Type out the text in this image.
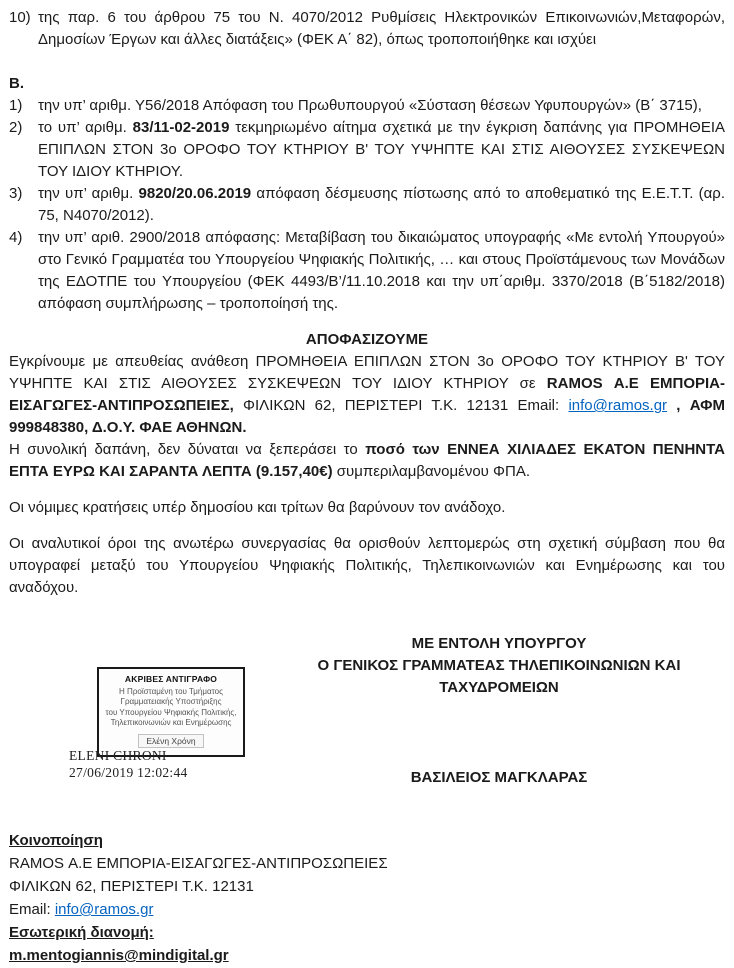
10) της παρ. 6 του άρθρου 75 του Ν. 4070/2012 Ρυθμίσεις Ηλεκτρονικών Επικοινωνιών,Μεταφορών, Δημοσίων Έργων και άλλες διατάξεις» (ΦΕΚ Α΄ 82), όπως τροποποιήθηκε και ισχύει

Β.

1) την υπ’ αριθμ. Υ56/2018 Απόφαση του Πρωθυπουργού «Σύσταση θέσεων Υφυπουργών» (Β΄ 3715),
2) το υπ’ αριθμ. 83/11-02-2019 τεκμηριωμένο αίτημα σχετικά με την έγκριση δαπάνης για ΠΡΟΜΗΘΕΙΑ ΕΠΙΠΛΩΝ ΣΤΟΝ 3ο ΟΡΟΦΟ ΤΟΥ ΚΤΗΡΙΟΥ Β' ΤΟΥ ΥΨΗΠΤΕ ΚΑΙ ΣΤΙΣ ΑΙΘΟΥΣΕΣ ΣΥΣΚΕΨΕΩΝ ΤΟΥ ΙΔΙΟΥ ΚΤΗΡΙΟΥ.
3) την υπ’ αριθμ. 9820/20.06.2019 απόφαση δέσμευσης πίστωσης από το αποθεματικό της Ε.Ε.Τ.Τ. (αρ. 75, Ν4070/2012).
4) την υπ’ αριθ. 2900/2018 απόφασης: Μεταβίβαση του δικαιώματος υπογραφής «Με εντολή Υπουργού» στο Γενικό Γραμματέα του Υπουργείου Ψηφιακής Πολιτικής, … και στους Προϊστάμενους των Μονάδων της ΕΔΟΤΠΕ του Υπουργείου (ΦΕΚ 4493/Β’/11.10.2018 και την υπ΄αριθμ. 3370/2018 (Β΄5182/2018) απόφαση συμπλήρωσης – τροποποίησή της.

ΑΠΟΦΑΣΙΖΟΥΜΕ

Εγκρίνουμε με απευθείας ανάθεση ΠΡΟΜΗΘΕΙΑ ΕΠΙΠΛΩΝ ΣΤΟΝ 3ο ΟΡΟΦΟ ΤΟΥ ΚΤΗΡΙΟΥ Β' ΤΟΥ ΥΨΗΠΤΕ ΚΑΙ ΣΤΙΣ ΑΙΘΟΥΣΕΣ ΣΥΣΚΕΨΕΩΝ ΤΟΥ ΙΔΙΟΥ ΚΤΗΡΙΟΥ σε RAMOS Α.Ε ΕΜΠΟΡΙΑ-ΕΙΣΑΓΩΓΕΣ-ΑΝΤΙΠΡΟΣΩΠΕΙΕΣ, ΦΙΛΙΚΩΝ 62, ΠΕΡΙΣΤΕΡΙ Τ.Κ. 12131 Email: info@ramos.gr , ΑΦΜ 999848380, Δ.Ο.Υ. ΦΑΕ ΑΘΗΝΩΝ.

Η συνολική δαπάνη, δεν δύναται να ξεπεράσει το ποσό των ΕΝΝΕΑ ΧΙΛΙΑΔΕΣ ΕΚΑΤΟΝ ΠΕΝΗΝΤΑ ΕΠΤΑ ΕΥΡΩ ΚΑΙ ΣΑΡΑΝΤΑ ΛΕΠΤΑ (9.157,40€) συμπεριλαμβανομένου ΦΠΑ.

Οι νόμιμες κρατήσεις υπέρ δημοσίου και τρίτων θα βαρύνουν τον ανάδοχο.

Οι αναλυτικοί όροι της ανωτέρω συνεργασίας θα ορισθούν λεπτομερώς στη σχετική σύμβαση που θα υπογραφεί μεταξύ του Υπουργείου Ψηφιακής Πολιτικής, Τηλεπικοινωνιών και Ενημέρωσης και του αναδόχου.

ΜΕ ΕΝΤΟΛΗ ΥΠΟΥΡΓΟΥ
Ο ΓΕΝΙΚΟΣ ΓΡΑΜΜΑΤΕΑΣ ΤΗΛΕΠΙΚΟΙΝΩΝΙΩΝ ΚΑΙ
ΤΑΧΥΔΡΟΜΕΙΩΝ
ΑΚΡΙΒΕΣ ΑΝΤΙΓΡΑΦΟ
Η Προϊσταμένη του Τμήματος
Γραμματειακής Υποστήριξης
του Υπουργείου Ψηφιακής Πολιτικής,
Τηλεπικοινωνιών και Ενημέρωσης
Ελένη Χρόνη
ELENI CHRONI
27/06/2019 12:02:44	ΒΑΣΙΛΕΙΟΣ ΜΑΓΚΛΑΡΑΣ
Κοινοποίηση
RAMOS Α.Ε ΕΜΠΟΡΙΑ-ΕΙΣΑΓΩΓΕΣ-ΑΝΤΙΠΡΟΣΩΠΕΙΕΣ
ΦΙΛΙΚΩΝ 62, ΠΕΡΙΣΤΕΡΙ Τ.Κ. 12131
Email: info@ramos.gr
Εσωτερική διανομή:
m.mentogiannis@mindigital.gr
